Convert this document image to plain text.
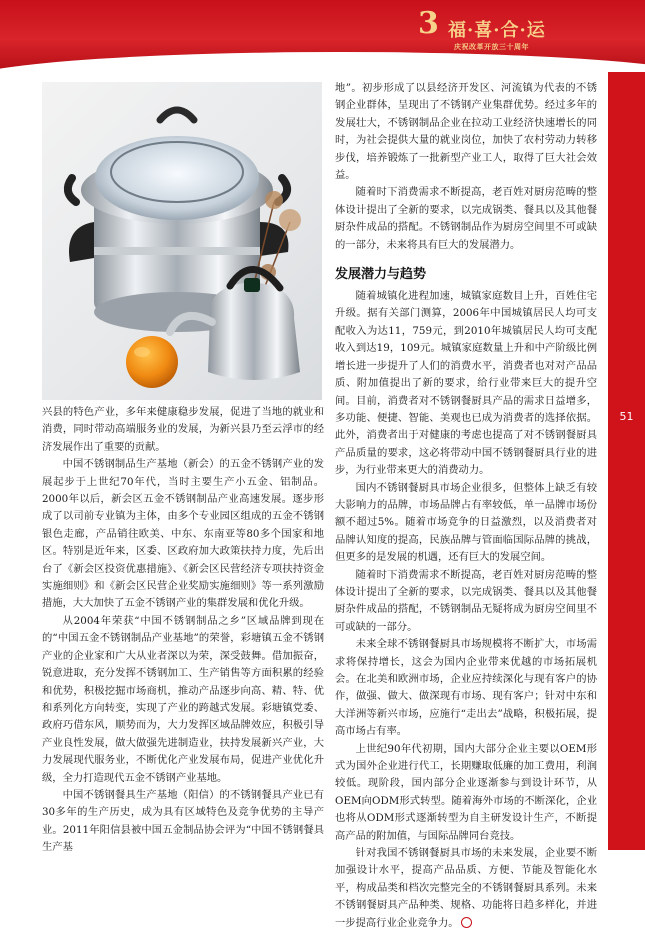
3 福·喜·合·运
庆祝改革开放三十周年
51

兴县的特色产业，多年来健康稳步发展，促进了当地的就业和消费，同时带动高端服务业的发展，为新兴县乃至云浮市的经济发展作出了重要的贡献。

中国不锈钢制品生产基地（新会）的五金不锈钢产业的发展起步于上世纪70年代，当时主要生产小五金、铝制品。2000年以后，新会区五金不锈钢制品产业高速发展。逐步形成了以司前专业镇为主体，由多个专业园区组成的五金不锈钢银色走廊，产品销往欧美、中东、东南亚等80多个国家和地区。特别是近年来，区委、区政府加大政策扶持力度，先后出台了《新会区投资优惠措施》、《新会区民营经济专项扶持资金实施细则》和《新会区民营企业奖励实施细则》等一系列激励措施，大大加快了五金不锈钢产业的集群发展和优化升级。

从2004年荣获“中国不锈钢制品之乡”区域品牌到现在的“中国五金不锈钢制品产业基地”的荣誉，彩塘镇五金不锈钢产业的企业家和广大从业者深以为荣，深受鼓舞。借加振奋，锐意进取，充分发挥不锈钢加工、生产销售等方面积累的经验和优势，积极挖掘市场商机，推动产品逐步向高、精、特、优和系列化方向转变，实现了产业的跨越式发展。彩塘镇党委、政府巧借东风，顺势而为，大力发挥区域品牌效应，积极引导产业良性发展，做大做强先进制造业，扶持发展新兴产业，大力发展现代服务业，不断优化产业发展布局，促进产业优化升级，全力打造现代五金不锈钢产业基地。

中国不锈钢餐具生产基地（阳信）的不锈钢餐具产业已有30多年的生产历史，成为具有区域特色及竞争优势的主导产业。2011年阳信县被中国五金制品协会评为“中国不锈钢餐具生产基

地”。初步形成了以县经济开发区、河流镇为代表的不锈钢企业群体，呈现出了不锈钢产业集群优势。经过多年的发展壮大，不锈钢制品企业在拉动工业经济快速增长的同时，为社会提供大量的就业岗位，加快了农村劳动力转移步伐，培养锻炼了一批新型产业工人，取得了巨大社会效益。

随着时下消费需求不断提高，老百姓对厨房范畴的整体设计提出了全新的要求，以完成锅类、餐具以及其他餐厨杂件成品的搭配。不锈钢制品作为厨房空间里不可或缺的一部分，未来将具有巨大的发展潜力。

发展潜力与趋势

随着城镇化进程加速，城镇家庭数目上升，百姓住宅升级。据有关部门测算，2006年中国城镇居民人均可支配收入为达11，759元，到2010年城镇居民人均可支配收入到达19，109元。城镇家庭数量上升和中产阶级比例增长进一步提升了人们的消费水平，消费者也对对产品品质、附加值提出了新的要求，给行业带来巨大的提升空间。目前，消费者对不锈钢餐厨具产品的需求日益增多，多功能、便捷、智能、美观也已成为消费者的选择依据。此外，消费者出于对健康的考虑也提高了对不锈钢餐厨具产品质量的要求，这必将带动中国不锈钢餐厨具行业的进步，为行业带来更大的消费动力。

国内不锈钢餐厨具市场企业很多，但整体上缺乏有较大影响力的品牌，市场品牌占有率较低，单一品牌市场份额不超过5%。随着市场竞争的日益激烈，以及消费者对品牌认知度的提高，民族品牌与管面临国际品牌的挑战，但更多的是发展的机遇，还有巨大的发展空间。

随着时下消费需求不断提高，老百姓对厨房范畴的整体设计提出了全新的要求，以完成锅类、餐具以及其他餐厨杂件成品的搭配，不锈钢制品无疑将成为厨房空间里不可或缺的一部分。

未来全球不锈钢餐厨具市场规模将不断扩大，市场需求将保持增长，这会为国内企业带来优越的市场拓展机会。在北美和欧洲市场，企业应持续深化与现有客户的协作，做强、做大、做深现有市场、现有客户；针对中东和大洋洲等新兴市场，应施行“走出去”战略，积极拓展，提高市场占有率。

上世纪90年代初期，国内大部分企业主要以OEM形式为国外企业进行代工，长期赚取低廉的加工费用，利润较低。现阶段，国内部分企业逐渐参与到设计环节，从OEM向ODM形式转型。随着海外市场的不断深化，企业也将从ODM形式逐渐转型为自主研发设计生产，不断提高产品的附加值，与国际品牌同台竞技。

针对我国不锈钢餐厨具市场的未来发展，企业要不断加强设计水平，提高产品品质、方便、节能及智能化水平，构成品类和档次完整完全的不锈钢餐厨具系列。未来不锈钢餐厨具产品种类、规格、功能将日趋多样化，并进一步提高行业企业竞争力。
